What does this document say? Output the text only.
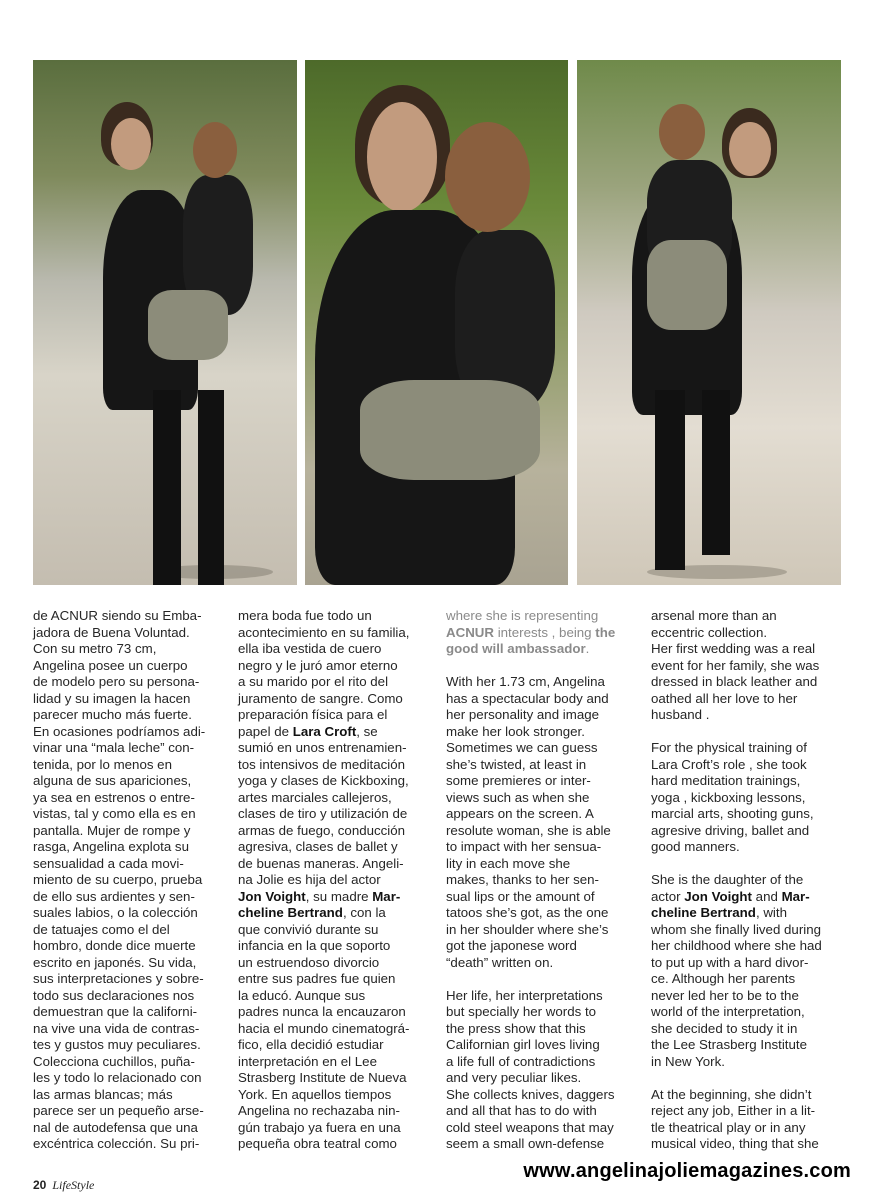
de ACNUR siendo su Emba-

jadora de Buena Voluntad.

Con su metro 73 cm,

Angelina posee un cuerpo

de modelo pero su persona-

lidad y su imagen la hacen

parecer mucho más fuerte.

En ocasiones podríamos adi-

vinar una “mala leche” con-

tenida, por lo menos en

alguna de sus apariciones,

ya sea en estrenos o entre-

vistas, tal y como ella es en

pantalla. Mujer de rompe y

rasga, Angelina explota su

sensualidad a cada movi-

miento de su cuerpo, prueba

de ello sus ardientes y sen-

suales labios, o la colección

de tatuajes como el del

hombro, donde dice muerte

escrito en japonés. Su vida,

sus interpretaciones y sobre-

todo sus declaraciones nos

demuestran que la californi-

na vive una vida de contras-

tes y gustos muy peculiares.

Colecciona cuchillos, puña-

les y todo lo relacionado con

las armas blancas; más

parece ser un pequeño arse-

nal de autodefensa que una

excéntrica colección. Su pri-

mera boda fue todo un

acontecimiento en su familia,

ella iba vestida de cuero

negro y le juró amor eterno

a su marido por el rito del

juramento de sangre. Como

preparación física para el

papel de Lara Croft, se

sumió en unos entrenamien-

tos intensivos de meditación

yoga y clases de Kickboxing,

artes marciales callejeros,

clases de tiro y utilización de

armas de fuego, conducción

agresiva, clases de ballet y

de buenas maneras. Angeli-

na Jolie es hija del actor

Jon Voight, su madre Mar-

cheline Bertrand, con la

que convivió durante su

infancia en la que soporto

un estruendoso divorcio

entre sus padres fue quien

la educó. Aunque sus

padres nunca la encauzaron

hacia el mundo cinematográ-

fico, ella decidió estudiar

interpretación en el Lee

Strasberg Institute de Nueva

York. En aquellos tiempos

Angelina no rechazaba nin-

gún trabajo ya fuera en una

pequeña obra teatral como

where she is representing

ACNUR interests , being the

good will ambassador.

With her 1.73 cm, Angelina

has a spectacular body and

her personality and image

make her look stronger.

Sometimes we can guess

she’s twisted, at least in

some premieres or inter-

views such as when she

appears on the screen. A

resolute woman, she is able

to impact with her sensua-

lity in each move she

makes, thanks to her sen-

sual lips or the amount of

tatoos she’s got, as the one

in her shoulder where she’s

got the japonese word

“death” written on.

Her life, her interpretations

but specially her words to

the press show that this

Californian girl loves living

a life full of contradictions

and very peculiar likes.

She collects knives, daggers

and all that has to do with

cold steel weapons that may

seem a small own-defense

arsenal more than an

eccentric collection.

Her first wedding was a real

event for her family, she was

dressed in black leather and

oathed all her love to her

husband .

For the physical training of

Lara Croft’s role , she took

hard meditation trainings,

yoga , kickboxing lessons,

marcial arts, shooting guns,

agresive driving, ballet and

good manners.

She is the daughter of the

actor Jon Voight and Mar-

cheline Bertrand, with

whom she finally lived during

her childhood where she had

to put up with a hard divor-

ce. Although her parents

never led her to be to the

world of the interpretation,

she decided to study it in

the Lee Strasberg Institute

in New York.

At the beginning, she didn’t

reject any job, Either in a lit-

tle theatrical play or in any

musical video, thing that she

20 LifeStyle
www.angelinajoliemagazines.com
